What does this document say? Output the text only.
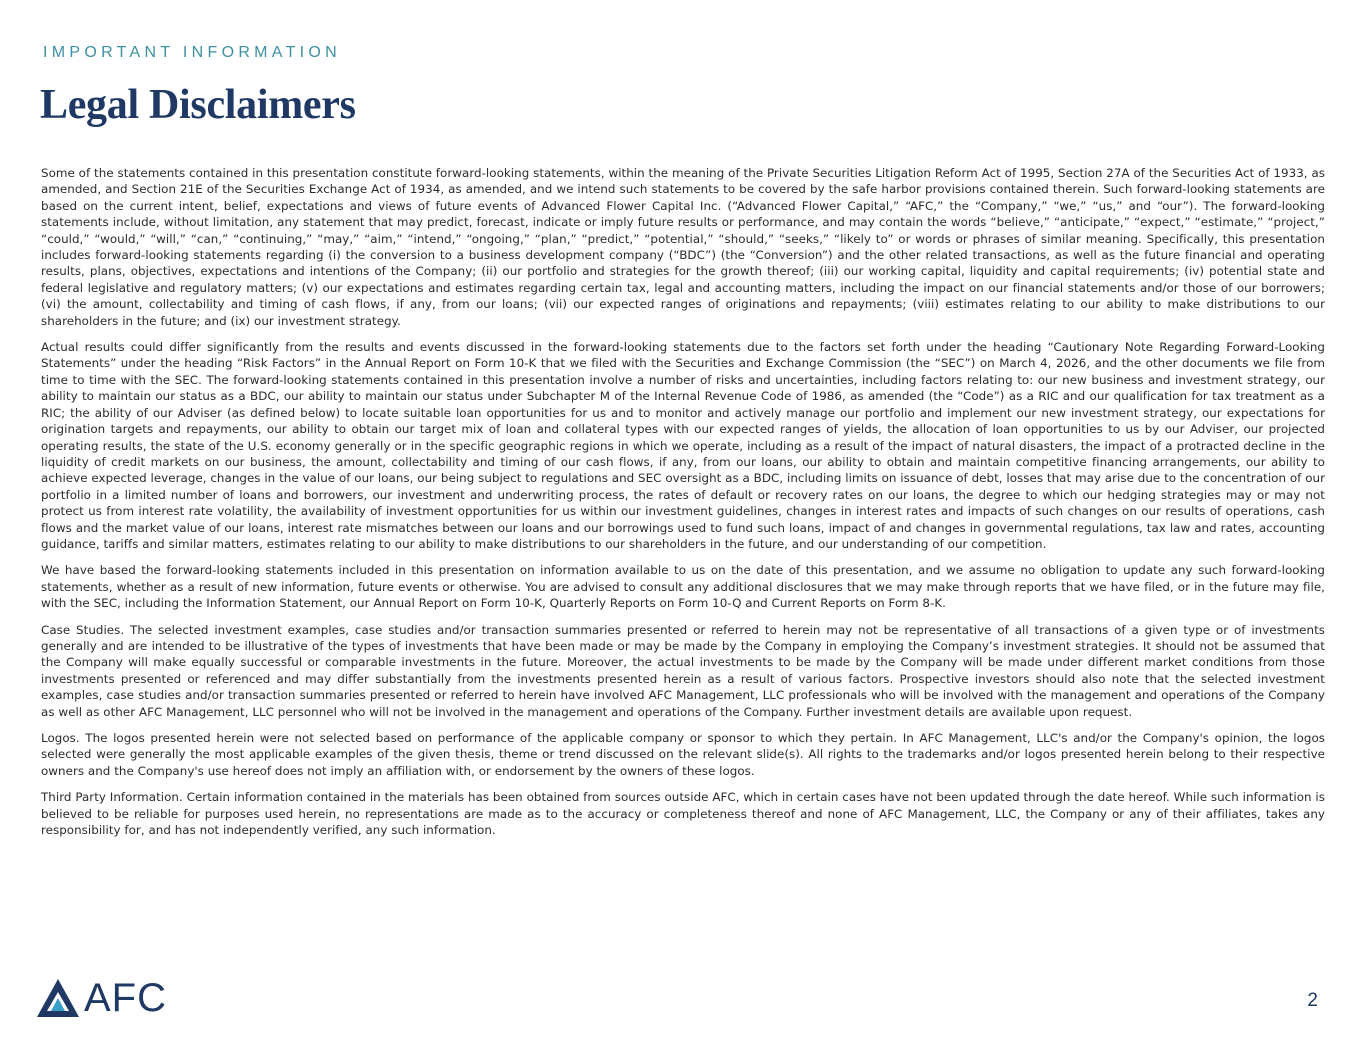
IMPORTANT INFORMATION
Legal Disclaimers

Some of the statements contained in this presentation constitute forward-looking statements, within the meaning of the Private Securities Litigation Reform Act of 1995, Section 27A of the Securities Act of 1933, as amended, and Section 21E of the Securities Exchange Act of 1934, as amended, and we intend such statements to be covered by the safe harbor provisions contained therein. Such forward-looking statements are based on the current intent, belief, expectations and views of future events of Advanced Flower Capital Inc. (“Advanced Flower Capital,” “AFC,” the “Company,” “we,” “us,” and “our”). The forward-looking statements include, without limitation, any statement that may predict, forecast, indicate or imply future results or performance, and may contain the words “believe,” “anticipate,” “expect,” “estimate,” “project,” “could,” “would,” “will,” “can,” “continuing,” “may,” “aim,” “intend,” “ongoing,” “plan,” “predict,” “potential,” “should,” “seeks,” “likely to” or words or phrases of similar meaning. Specifically, this presentation includes forward-looking statements regarding (i) the conversion to a business development company (“BDC”) (the “Conversion”) and the other related transactions, as well as the future financial and operating results, plans, objectives, expectations and intentions of the Company; (ii) our portfolio and strategies for the growth thereof; (iii) our working capital, liquidity and capital requirements; (iv) potential state and federal legislative and regulatory matters; (v) our expectations and estimates regarding certain tax, legal and accounting matters, including the impact on our financial statements and/or those of our borrowers; (vi) the amount, collectability and timing of cash flows, if any, from our loans; (vii) our expected ranges of originations and repayments; (viii) estimates relating to our ability to make distributions to our shareholders in the future; and (ix) our investment strategy.

Actual results could differ significantly from the results and events discussed in the forward-looking statements due to the factors set forth under the heading “Cautionary Note Regarding Forward-Looking Statements” under the heading “Risk Factors” in the Annual Report on Form 10-K that we filed with the Securities and Exchange Commission (the “SEC”) on March 4, 2026, and the other documents we file from time to time with the SEC. The forward-looking statements contained in this presentation involve a number of risks and uncertainties, including factors relating to: our new business and investment strategy, our ability to maintain our status as a BDC, our ability to maintain our status under Subchapter M of the Internal Revenue Code of 1986, as amended (the “Code”) as a RIC and our qualification for tax treatment as a RIC; the ability of our Adviser (as defined below) to locate suitable loan opportunities for us and to monitor and actively manage our portfolio and implement our new investment strategy, our expectations for origination targets and repayments, our ability to obtain our target mix of loan and collateral types with our expected ranges of yields, the allocation of loan opportunities to us by our Adviser, our projected operating results, the state of the U.S. economy generally or in the specific geographic regions in which we operate, including as a result of the impact of natural disasters, the impact of a protracted decline in the liquidity of credit markets on our business, the amount, collectability and timing of our cash flows, if any, from our loans, our ability to obtain and maintain competitive financing arrangements, our ability to achieve expected leverage, changes in the value of our loans, our being subject to regulations and SEC oversight as a BDC, including limits on issuance of debt, losses that may arise due to the concentration of our portfolio in a limited number of loans and borrowers, our investment and underwriting process, the rates of default or recovery rates on our loans, the degree to which our hedging strategies may or may not protect us from interest rate volatility, the availability of investment opportunities for us within our investment guidelines, changes in interest rates and impacts of such changes on our results of operations, cash flows and the market value of our loans, interest rate mismatches between our loans and our borrowings used to fund such loans, impact of and changes in governmental regulations, tax law and rates, accounting guidance, tariffs and similar matters, estimates relating to our ability to make distributions to our shareholders in the future, and our understanding of our competition.

We have based the forward-looking statements included in this presentation on information available to us on the date of this presentation, and we assume no obligation to update any such forward-looking statements, whether as a result of new information, future events or otherwise. You are advised to consult any additional disclosures that we may make through reports that we have filed, or in the future may file, with the SEC, including the Information Statement, our Annual Report on Form 10-K, Quarterly Reports on Form 10-Q and Current Reports on Form 8-K.

Case Studies. The selected investment examples, case studies and/or transaction summaries presented or referred to herein may not be representative of all transactions of a given type or of investments generally and are intended to be illustrative of the types of investments that have been made or may be made by the Company in employing the Company’s investment strategies. It should not be assumed that the Company will make equally successful or comparable investments in the future. Moreover, the actual investments to be made by the Company will be made under different market conditions from those investments presented or referenced and may differ substantially from the investments presented herein as a result of various factors. Prospective investors should also note that the selected investment examples, case studies and/or transaction summaries presented or referred to herein have involved AFC Management, LLC professionals who will be involved with the management and operations of the Company as well as other AFC Management, LLC personnel who will not be involved in the management and operations of the Company. Further investment details are available upon request.

Logos. The logos presented herein were not selected based on performance of the applicable company or sponsor to which they pertain. In AFC Management, LLC's and/or the Company's opinion, the logos selected were generally the most applicable examples of the given thesis, theme or trend discussed on the relevant slide(s). All rights to the trademarks and/or logos presented herein belong to their respective owners and the Company's use hereof does not imply an affiliation with, or endorsement by the owners of these logos.

Third Party Information. Certain information contained in the materials has been obtained from sources outside AFC, which in certain cases have not been updated through the date hereof. While such information is believed to be reliable for purposes used herein, no representations are made as to the accuracy or completeness thereof and none of AFC Management, LLC, the Company or any of their affiliates, takes any responsibility for, and has not independently verified, any such information.

AFC	2
